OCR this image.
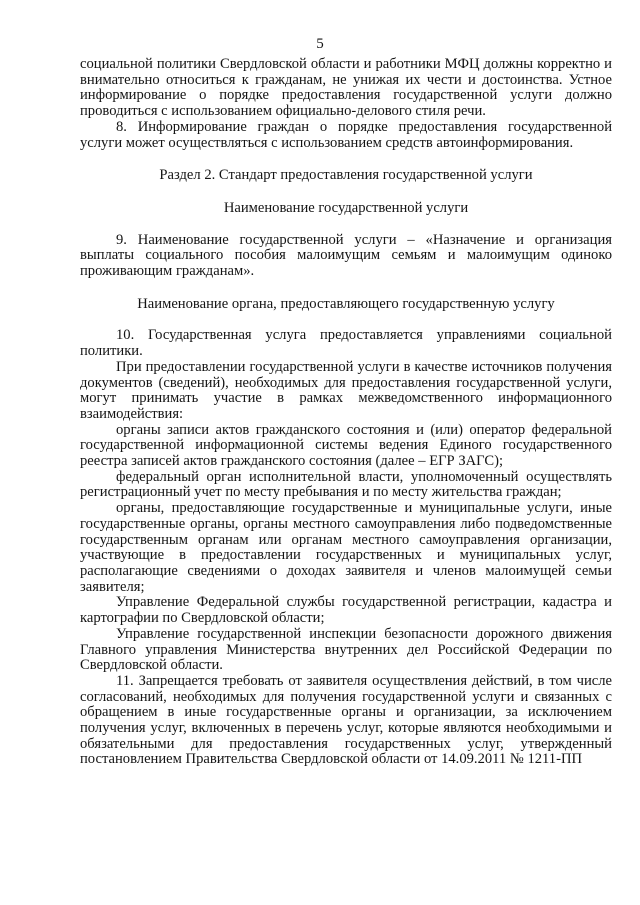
5

социальной политики Свердловской области и работники МФЦ должны корректно и внимательно относиться к гражданам, не унижая их чести и достоинства. Устное информирование о порядке предоставления государственной услуги должно проводиться с использованием официально-делового стиля речи.

8. Информирование граждан о порядке предоставления государственной услуги может осуществляться с использованием средств автоинформирования.

Раздел 2. Стандарт предоставления государственной услуги

Наименование государственной услуги

9. Наименование государственной услуги – «Назначение и организация выплаты социального пособия малоимущим семьям и малоимущим одиноко проживающим гражданам».

Наименование органа, предоставляющего государственную услугу

10. Государственная услуга предоставляется управлениями социальной политики.

При предоставлении государственной услуги в качестве источников получения документов (сведений), необходимых для предоставления государственной услуги, могут принимать участие в рамках межведомственного информационного взаимодействия:

органы записи актов гражданского состояния и (или) оператор федеральной государственной информационной системы ведения Единого государственного реестра записей актов гражданского состояния (далее – ЕГР ЗАГС);

федеральный орган исполнительной власти, уполномоченный осуществлять регистрационный учет по месту пребывания и по месту жительства граждан;

органы, предоставляющие государственные и муниципальные услуги, иные государственные органы, органы местного самоуправления либо подведомственные государственным органам или органам местного самоуправления организации, участвующие в предоставлении государственных и муниципальных услуг, располагающие сведениями о доходах заявителя и членов малоимущей семьи заявителя;

Управление Федеральной службы государственной регистрации, кадастра и картографии по Свердловской области;

Управление государственной инспекции безопасности дорожного движения Главного управления Министерства внутренних дел Российской Федерации по Свердловской области.

11. Запрещается требовать от заявителя осуществления действий, в том числе согласований, необходимых для получения государственной услуги и связанных с обращением в иные государственные органы и организации, за исключением получения услуг, включенных в перечень услуг, которые являются необходимыми и обязательными для предоставления государственных услуг, утвержденный постановлением Правительства Свердловской области от 14.09.2011 № 1211-ПП
